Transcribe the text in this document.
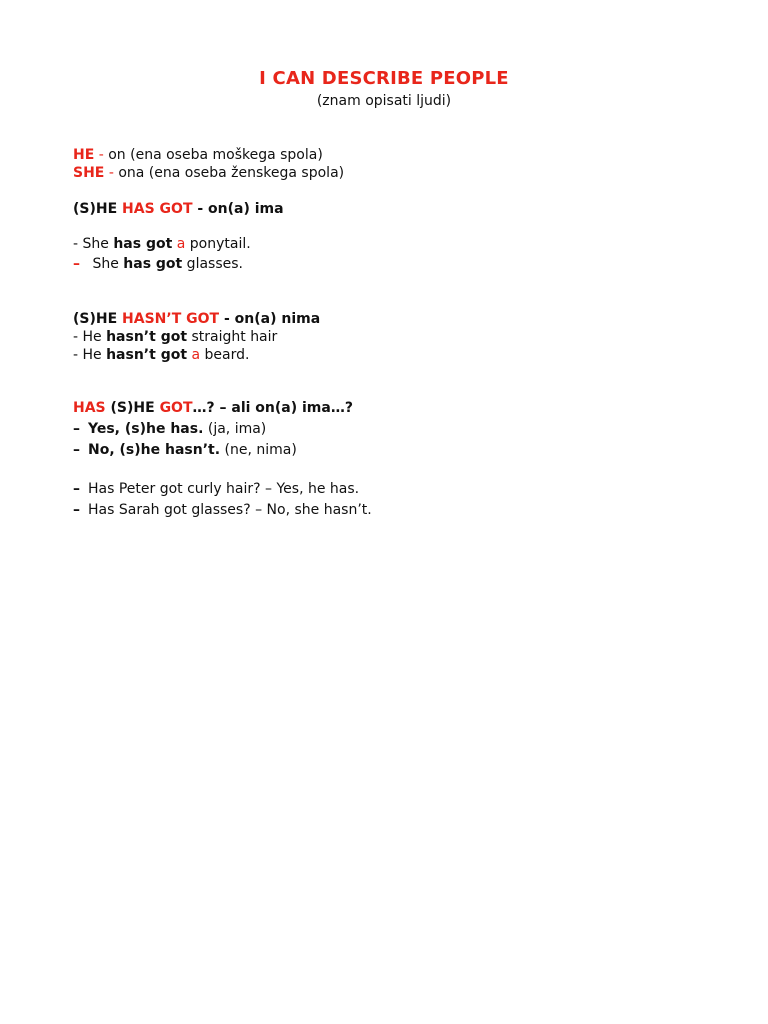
I CAN DESCRIBE PEOPLE
(znam opisati ljudi)
HE - on (ena oseba moškega spola)
SHE - ona (ena oseba ženskega spola)
(S)HE HAS GOT - on(a) ima
- She has got a ponytail.
– She has got glasses.
(S)HE HASN’T GOT - on(a) nima
- He hasn’t got straight hair
- He hasn’t got a beard.
HAS (S)HE GOT…? – ali on(a) ima…?
– Yes, (s)he has. (ja, ima)
– No, (s)he hasn’t. (ne, nima)
– Has Peter got curly hair? – Yes, he has.
– Has Sarah got glasses? – No, she hasn’t.
